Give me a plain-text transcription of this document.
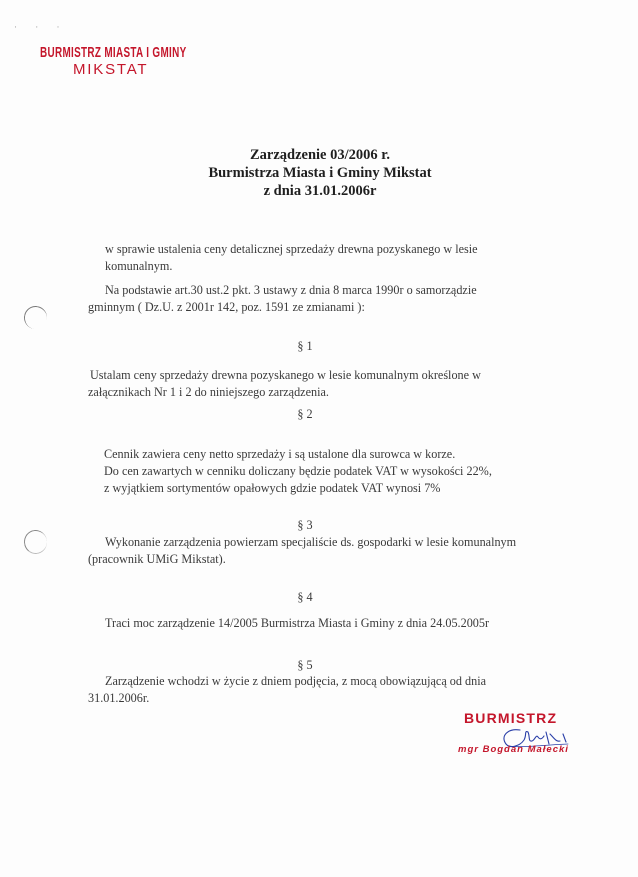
· · ·
BURMISTRZ MIASTA I GMINY
MIKSTAT
Zarządzenie 03/2006 r.
Burmistrza Miasta i Gminy Mikstat
z dnia 31.01.2006r
w sprawie ustalenia ceny detalicznej sprzedaży drewna pozyskanego w lesie
komunalnym.
Na podstawie art.30 ust.2 pkt. 3 ustawy z dnia 8 marca 1990r o samorządzie
gminnym ( Dz.U. z 2001r 142, poz. 1591 ze zmianami ):
§ 1
Ustalam ceny sprzedaży drewna pozyskanego w lesie komunalnym określone w
załącznikach Nr 1 i 2 do niniejszego zarządzenia.
§ 2
Cennik zawiera ceny netto sprzedaży i są ustalone dla surowca w korze.
Do cen zawartych w cenniku doliczany będzie podatek VAT w wysokości 22%,
z wyjątkiem sortymentów opałowych gdzie podatek VAT wynosi 7%
§ 3
Wykonanie zarządzenia powierzam specjaliście ds. gospodarki w lesie komunalnym
(pracownik UMiG Mikstat).
§ 4
Traci moc zarządzenie 14/2005 Burmistrza Miasta i Gminy z dnia 24.05.2005r
§ 5
Zarządzenie wchodzi w życie z dniem podjęcia, z mocą obowiązującą od dnia
31.01.2006r.
BURMISTRZ
mgr Bogdan Małecki
